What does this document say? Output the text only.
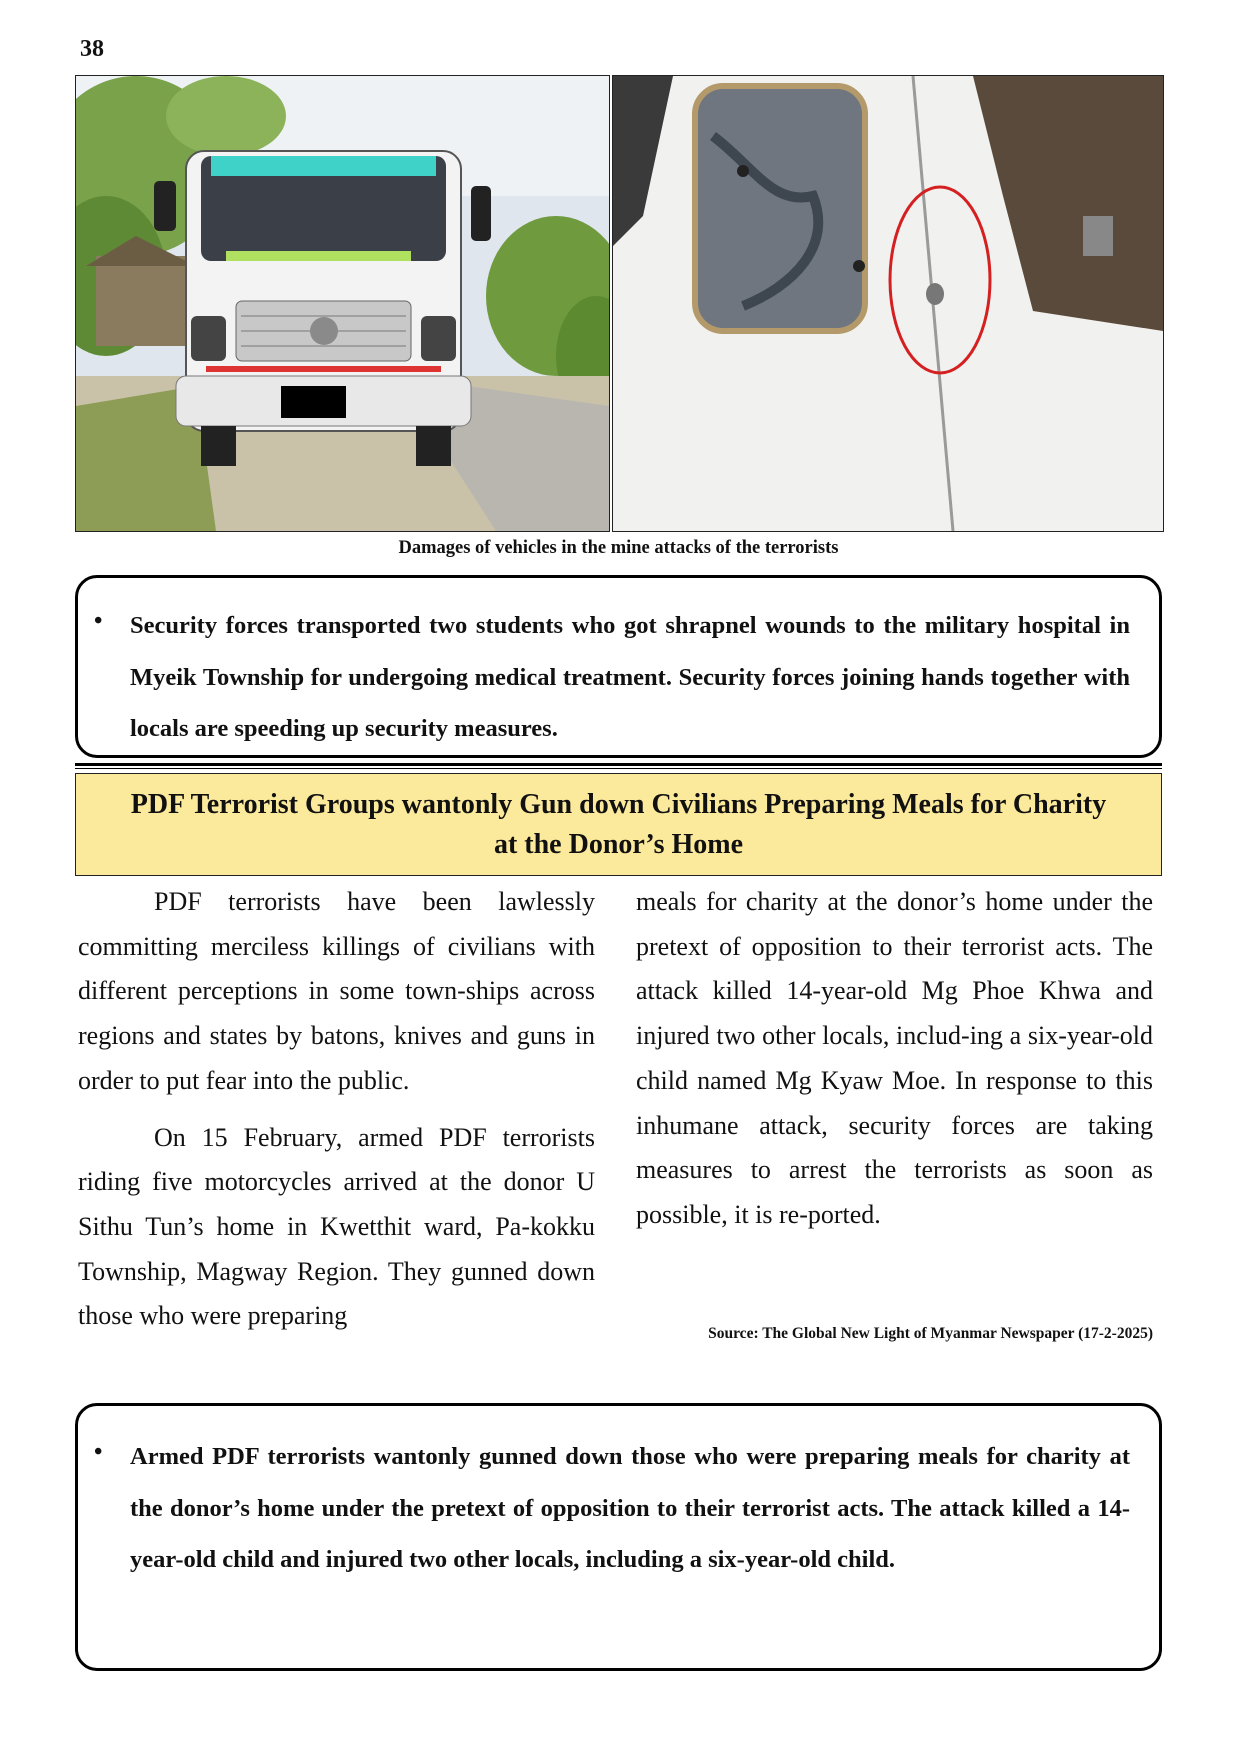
38
Damages of vehicles in the mine attacks of the terrorists
• Security forces transported two students who got shrapnel wounds to the military hospital in Myeik Township for undergoing medical treatment. Security forces joining hands together with locals are speeding up security measures.
PDF Terrorist Groups wantonly Gun down Civilians Preparing Meals for Charity at the Donor’s Home

PDF terrorists have been lawlessly committing merciless killings of civilians with different perceptions in some town-ships across regions and states by batons, knives and guns in order to put fear into the public.

On 15 February, armed PDF terrorists riding five motorcycles arrived at the donor U Sithu Tun’s home in Kwetthit ward, Pa-kokku Township, Magway Region. They gunned down those who were preparing

meals for charity at the donor’s home under the pretext of opposition to their terrorist acts. The attack killed 14-year-old Mg Phoe Khwa and injured two other locals, includ-ing a six-year-old child named Mg Kyaw Moe. In response to this inhumane attack, security forces are taking measures to arrest the terrorists as soon as possible, it is re-ported.

Source: The Global New Light of Myanmar Newspaper (17-2-2025)
• Armed PDF terrorists wantonly gunned down those who were preparing meals for charity at the donor’s home under the pretext of opposition to their terrorist acts. The attack killed a 14-year-old child and injured two other locals, including a six-year-old child.
